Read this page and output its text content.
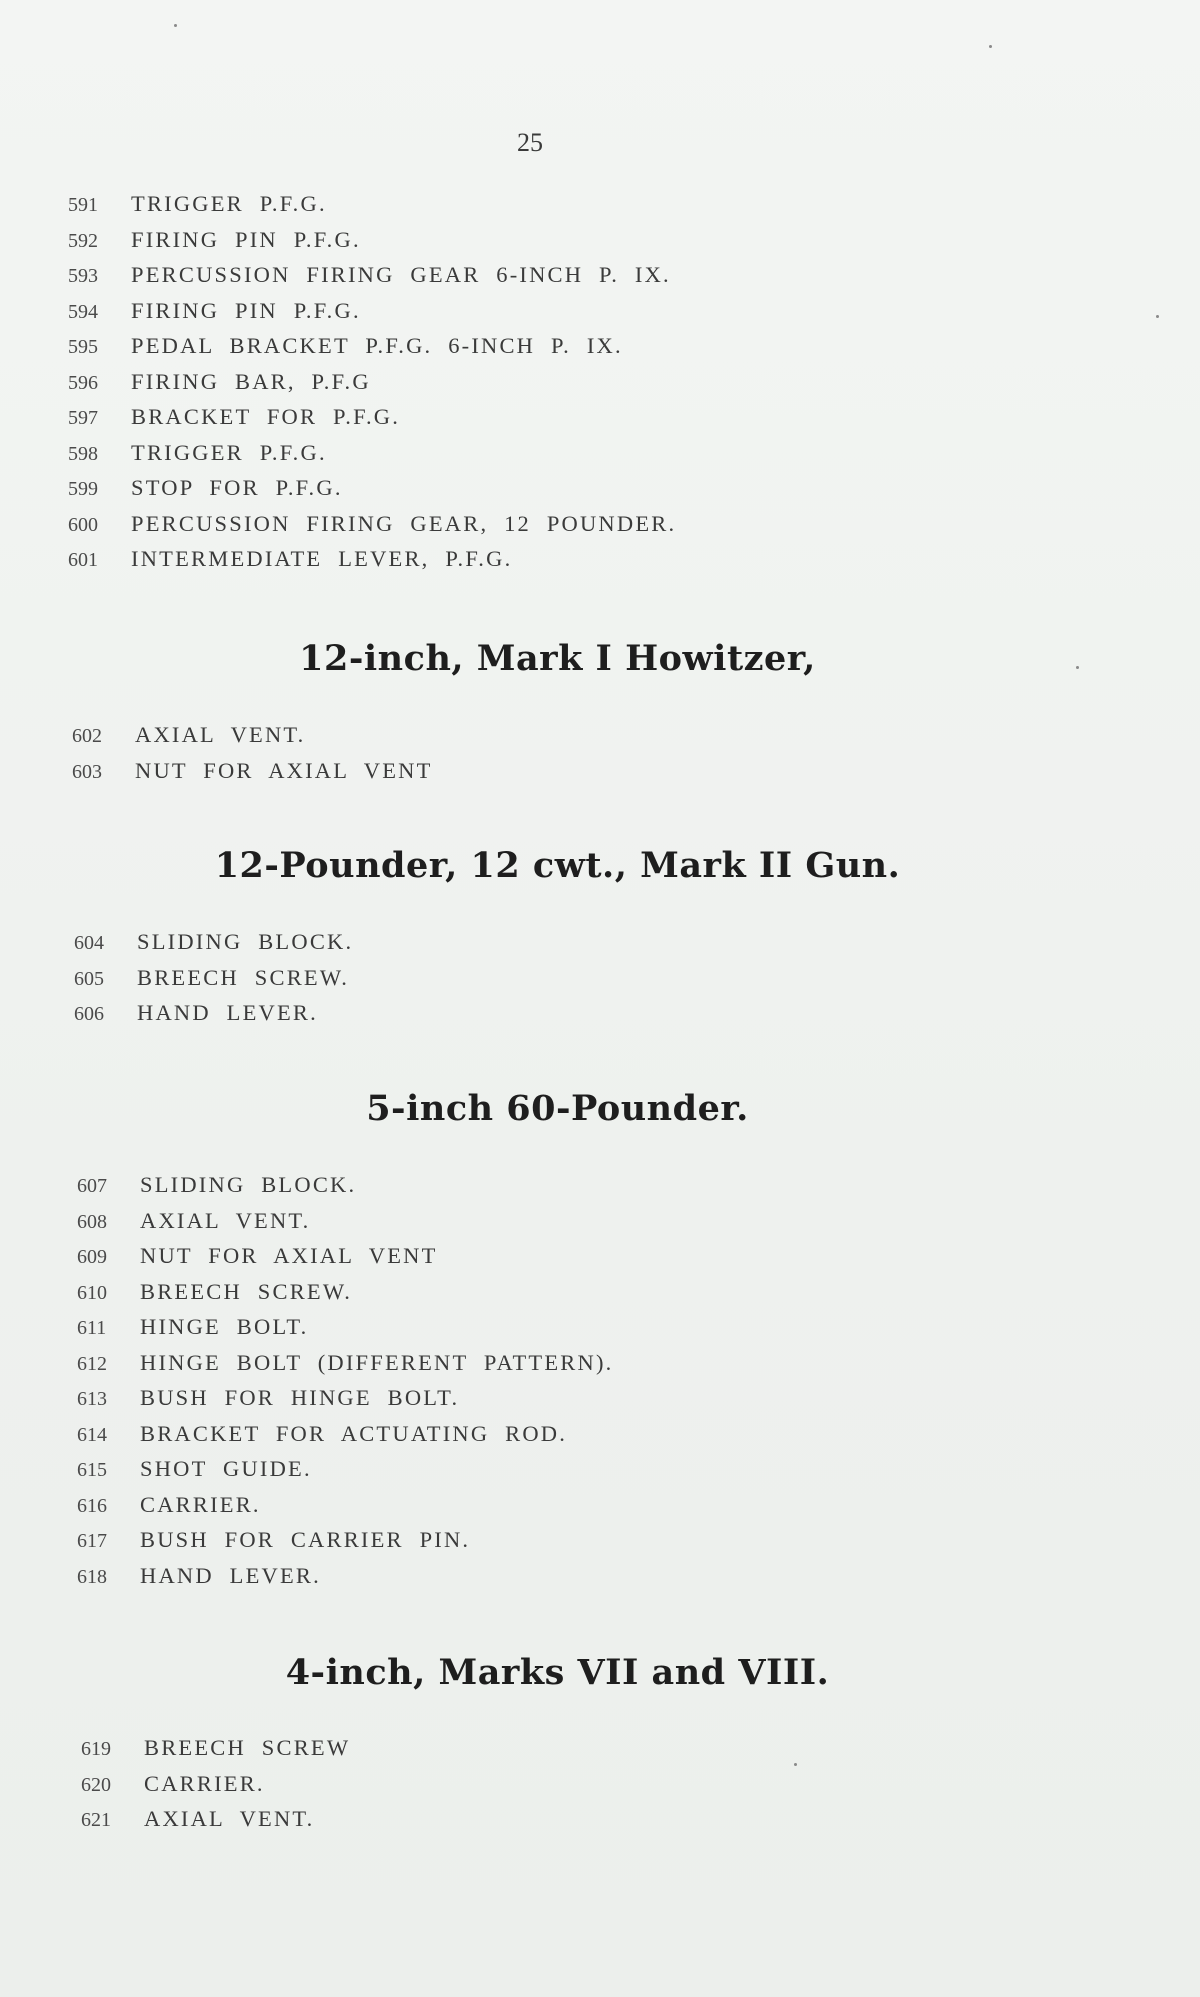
25
591	TRIGGER P.F.G.
592	FIRING PIN P.F.G.
593	PERCUSSION FIRING GEAR 6-INCH P. IX.
594	FIRING PIN P.F.G.
595	PEDAL BRACKET P.F.G. 6-INCH P. IX.
596	FIRING BAR, P.F.G
597	BRACKET FOR P.F.G.
598	TRIGGER P.F.G.
599	STOP FOR P.F.G.
600	PERCUSSION FIRING GEAR, 12 POUNDER.
601	INTERMEDIATE LEVER, P.F.G.
12-inch, Mark I Howitzer,
602	AXIAL VENT.
603	NUT FOR AXIAL VENT
12-Pounder, 12 cwt., Mark II Gun.
604	SLIDING BLOCK.
605	BREECH SCREW.
606	HAND LEVER.
5-inch 60-Pounder.
607	SLIDING BLOCK.
608	AXIAL VENT.
609	NUT FOR AXIAL VENT
610	BREECH SCREW.
611	HINGE BOLT.
612	HINGE BOLT (DIFFERENT PATTERN).
613	BUSH FOR HINGE BOLT.
614	BRACKET FOR ACTUATING ROD.
615	SHOT GUIDE.
616	CARRIER.
617	BUSH FOR CARRIER PIN.
618	HAND LEVER.
4-inch, Marks VII and VIII.
619	BREECH SCREW
620	CARRIER.
621	AXIAL VENT.
